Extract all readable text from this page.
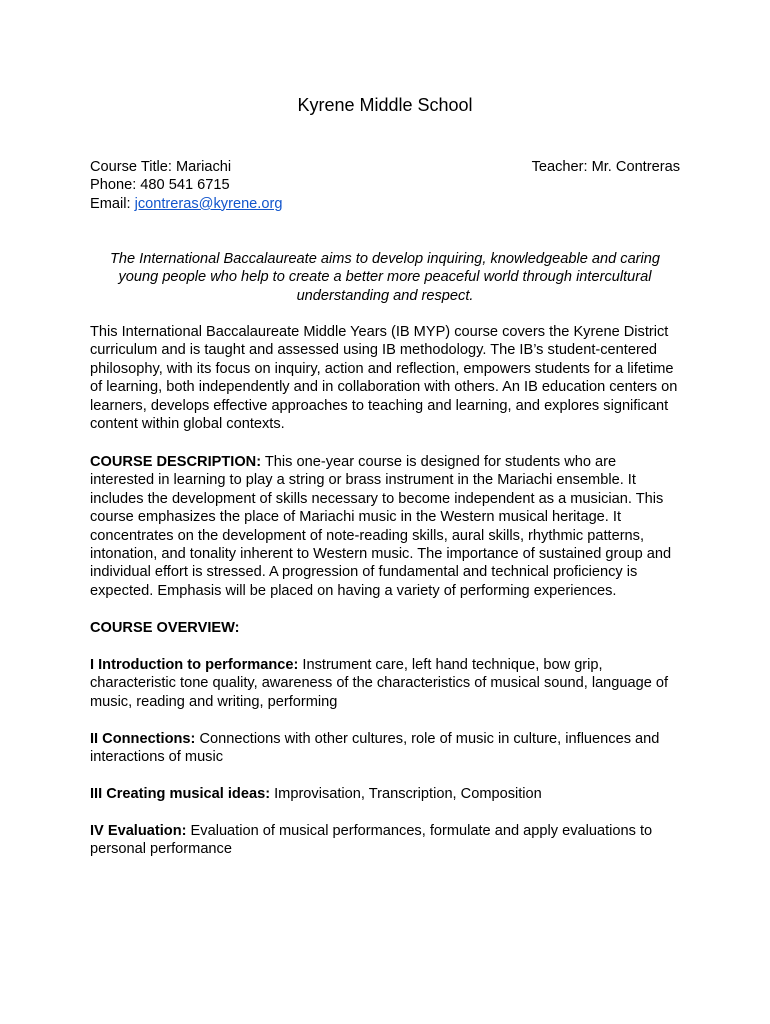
Kyrene Middle School
Course Title: Mariachi	Teacher: Mr. Contreras
Phone: 480 541 6715
Email: jcontreras@kyrene.org
The International Baccalaureate aims to develop inquiring, knowledgeable and caring young people who help to create a better more peaceful world through intercultural understanding and respect.
This International Baccalaureate Middle Years (IB MYP) course covers the Kyrene District curriculum and is taught and assessed using IB methodology. The IB’s student-centered philosophy, with its focus on inquiry, action and reflection, empowers students for a lifetime of learning, both independently and in collaboration with others. An IB education centers on learners, develops effective approaches to teaching and learning, and explores significant content within global contexts.
COURSE DESCRIPTION: This one-year course is designed for students who are interested in learning to play a string or brass instrument in the Mariachi ensemble. It includes the development of skills necessary to become independent as a musician. This course emphasizes the place of Mariachi music in the Western musical heritage. It concentrates on the development of note-reading skills, aural skills, rhythmic patterns, intonation, and tonality inherent to Western music. The importance of sustained group and individual effort is stressed. A progression of fundamental and technical proficiency is expected. Emphasis will be placed on having a variety of performing experiences.
COURSE OVERVIEW:
I Introduction to performance: Instrument care, left hand technique, bow grip, characteristic tone quality, awareness of the characteristics of musical sound, language of music, reading and writing, performing
II Connections: Connections with other cultures, role of music in culture, influences and interactions of music
III Creating musical ideas: Improvisation, Transcription, Composition
IV Evaluation: Evaluation of musical performances, formulate and apply evaluations to personal performance
